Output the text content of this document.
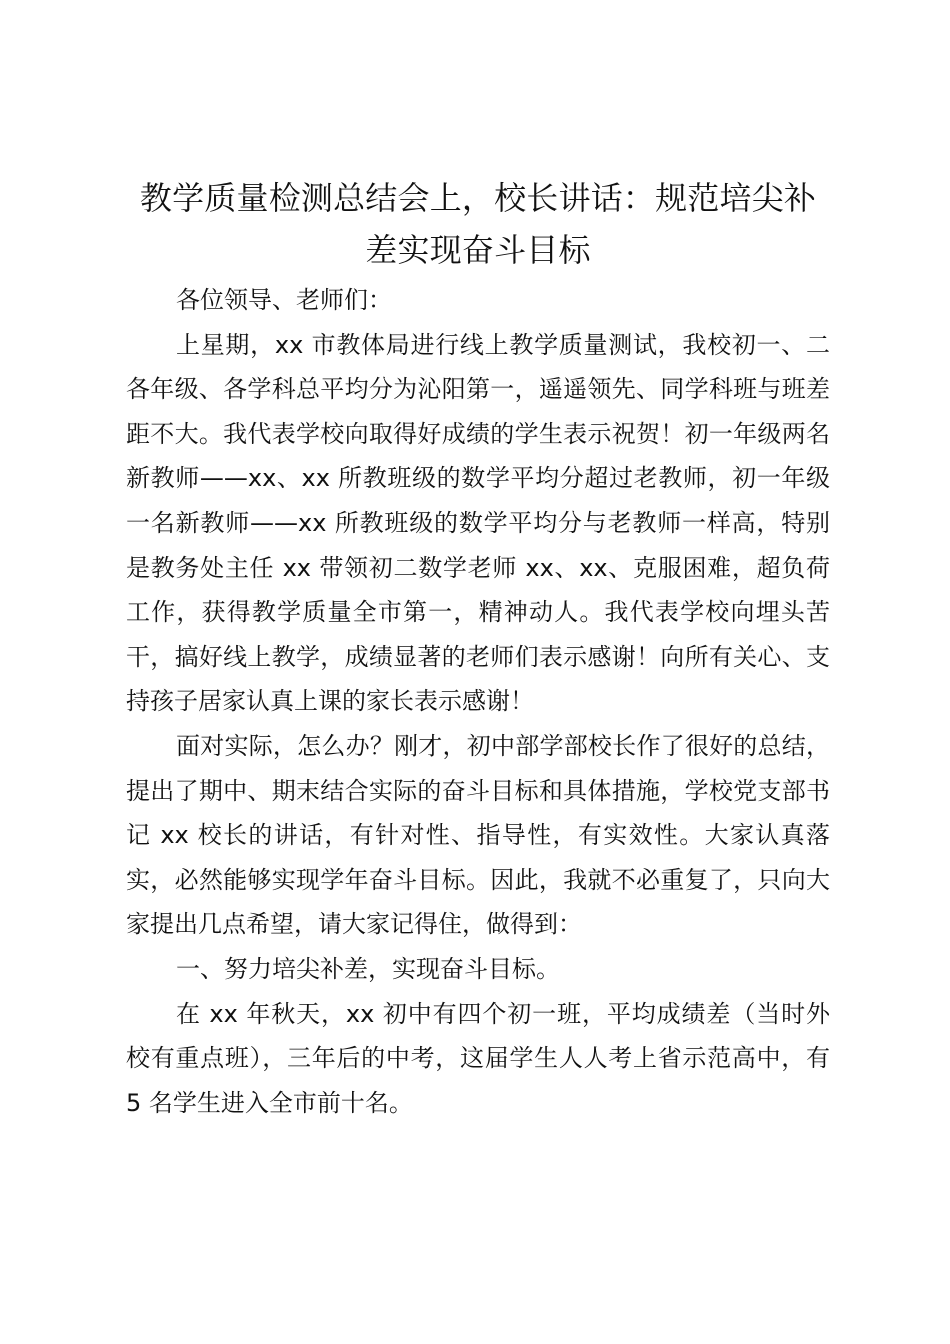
教学质量检测总结会上，校长讲话：规范培尖补差实现奋斗目标

各位领导、老师们：

上星期，xx 市教体局进行线上教学质量测试，我校初一、二各年级、各学科总平均分为沁阳第一，遥遥领先、同学科班与班差距不大。我代表学校向取得好成绩的学生表示祝贺！初一年级两名新教师——xx、xx 所教班级的数学平均分超过老教师，初一年级一名新教师——xx 所教班级的数学平均分与老教师一样高，特别是教务处主任 xx 带领初二数学老师 xx、xx、克服困难，超负荷工作，获得教学质量全市第一，精神动人。我代表学校向埋头苦干，搞好线上教学，成绩显著的老师们表示感谢！向所有关心、支持孩子居家认真上课的家长表示感谢！

面对实际，怎么办？刚才，初中部学部校长作了很好的总结，提出了期中、期末结合实际的奋斗目标和具体措施，学校党支部书记 xx 校长的讲话，有针对性、指导性，有实效性。大家认真落实，必然能够实现学年奋斗目标。因此，我就不必重复了，只向大家提出几点希望，请大家记得住，做得到：

一、努力培尖补差，实现奋斗目标。

在 xx 年秋天，xx 初中有四个初一班，平均成绩差（当时外校有重点班），三年后的中考，这届学生人人考上省示范高中，有 5 名学生进入全市前十名。
